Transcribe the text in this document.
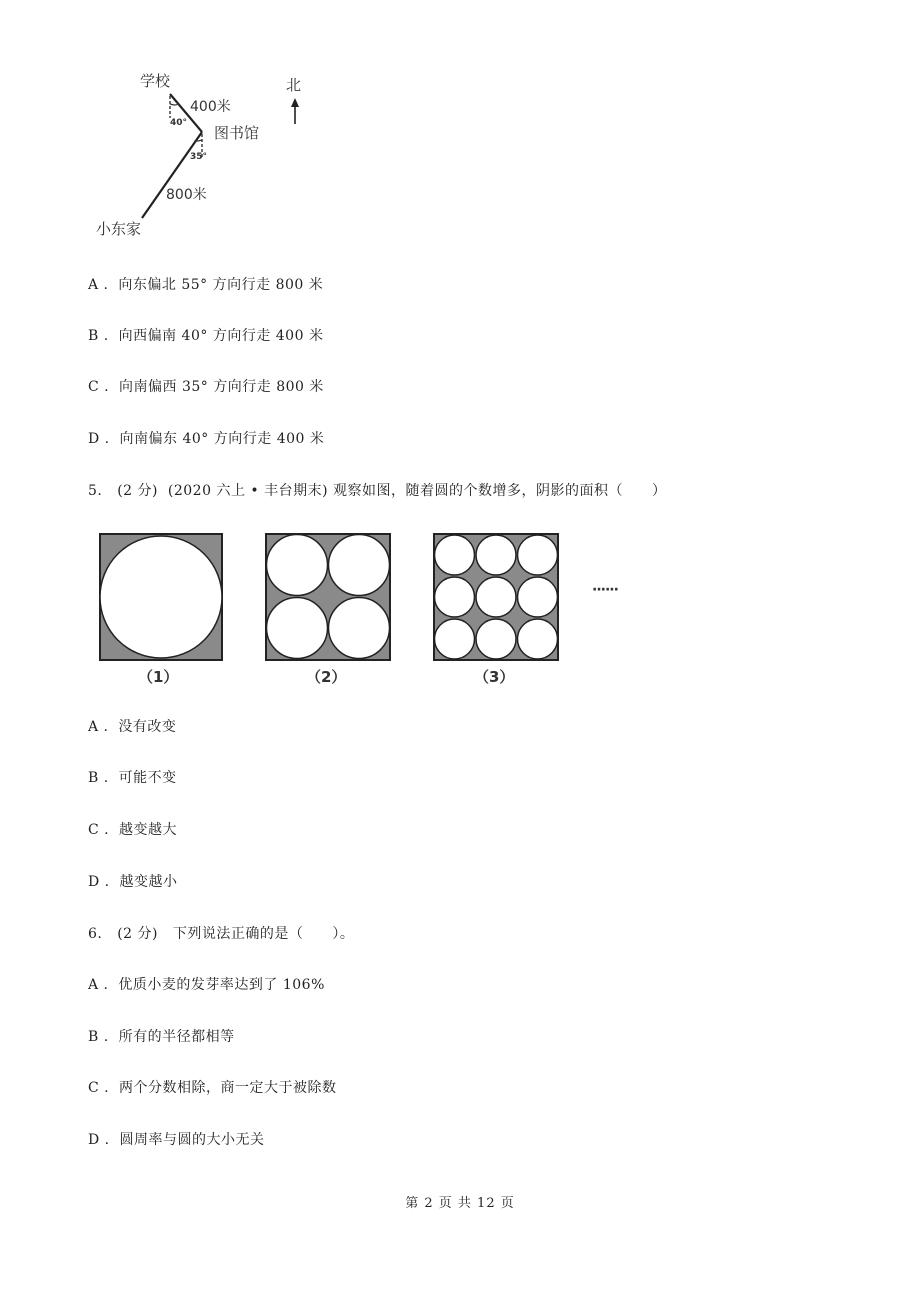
学校
400米
40°
图书馆
35°
800米
小东家
北
A . 向东偏北 55° 方向行走 800 米
B . 向西偏南 40° 方向行走 400 米
C . 向南偏西 35° 方向行走 800 米
D . 向南偏东 40° 方向行走 400 米
5. (2 分) (2020 六上 • 丰台期末) 观察如图，随着圆的个数增多，阴影的面积（　　）
（1）	（2）	（3）
······
A . 没有改变
B . 可能不变
C . 越变越大
D . 越变越小
6. (2 分) 下列说法正确的是（　　）。
A . 优质小麦的发芽率达到了 106%
B . 所有的半径都相等
C . 两个分数相除，商一定大于被除数
D . 圆周率与圆的大小无关
第 2 页 共 12 页
